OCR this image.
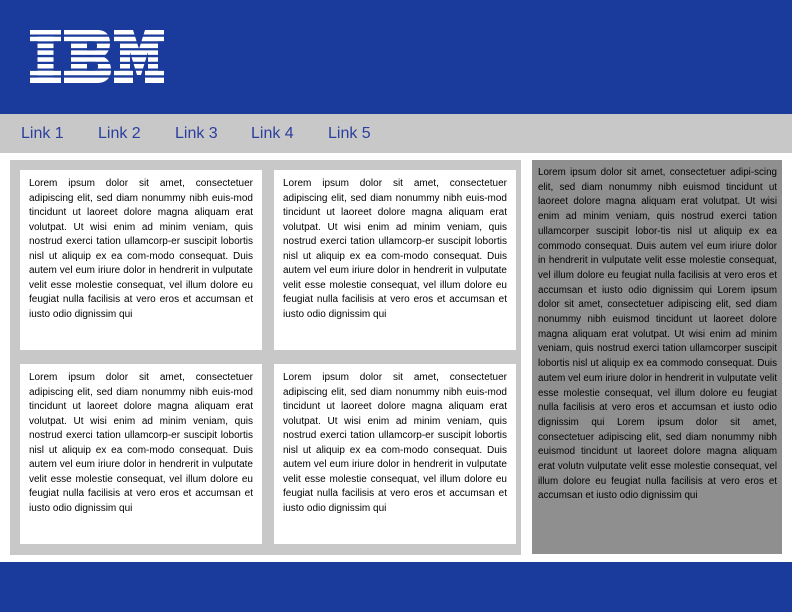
Link 1 Link 2 Link 3 Link 4 Link 5

Lorem ipsum dolor sit amet, consectetuer adipiscing elit, sed diam nonummy nibh euis-mod tincidunt ut laoreet dolore magna aliquam erat volutpat. Ut wisi enim ad minim veniam, quis nostrud exerci tation ullamcorp-er suscipit lobortis nisl ut aliquip ex ea com-modo consequat. Duis autem vel eum iriure dolor in hendrerit in vulputate velit esse molestie consequat, vel illum dolore eu feugiat nulla facilisis at vero eros et accumsan et iusto odio dignissim qui

Lorem ipsum dolor sit amet, consectetuer adipiscing elit, sed diam nonummy nibh euis-mod tincidunt ut laoreet dolore magna aliquam erat volutpat. Ut wisi enim ad minim veniam, quis nostrud exerci tation ullamcorp-er suscipit lobortis nisl ut aliquip ex ea com-modo consequat. Duis autem vel eum iriure dolor in hendrerit in vulputate velit esse molestie consequat, vel illum dolore eu feugiat nulla facilisis at vero eros et accumsan et iusto odio dignissim qui

Lorem ipsum dolor sit amet, consectetuer adipiscing elit, sed diam nonummy nibh euis-mod tincidunt ut laoreet dolore magna aliquam erat volutpat. Ut wisi enim ad minim veniam, quis nostrud exerci tation ullamcorp-er suscipit lobortis nisl ut aliquip ex ea com-modo consequat. Duis autem vel eum iriure dolor in hendrerit in vulputate velit esse molestie consequat, vel illum dolore eu feugiat nulla facilisis at vero eros et accumsan et iusto odio dignissim qui

Lorem ipsum dolor sit amet, consectetuer adipiscing elit, sed diam nonummy nibh euis-mod tincidunt ut laoreet dolore magna aliquam erat volutpat. Ut wisi enim ad minim veniam, quis nostrud exerci tation ullamcorp-er suscipit lobortis nisl ut aliquip ex ea com-modo consequat. Duis autem vel eum iriure dolor in hendrerit in vulputate velit esse molestie consequat, vel illum dolore eu feugiat nulla facilisis at vero eros et accumsan et iusto odio dignissim qui

Lorem ipsum dolor sit amet, consectetuer adipi-scing elit, sed diam nonummy nibh euismod tincidunt ut laoreet dolore magna aliquam erat volutpat. Ut wisi enim ad minim veniam, quis nostrud exerci tation ullamcorper suscipit lobor-tis nisl ut aliquip ex ea commodo consequat. Duis autem vel eum iriure dolor in hendrerit in vulputate velit esse molestie consequat, vel illum dolore eu feugiat nulla facilisis at vero eros et accumsan et iusto odio dignissim qui Lorem ipsum dolor sit amet, consectetuer adipiscing elit, sed diam nonummy nibh euismod tincidunt ut laoreet dolore magna aliquam erat volutpat. Ut wisi enim ad minim veniam, quis nostrud exerci tation ullamcorper suscipit lobortis nisl ut aliquip ex ea commodo consequat. Duis autem vel eum iriure dolor in hendrerit in vulputate velit esse molestie consequat, vel illum dolore eu feugiat nulla facilisis at vero eros et accumsan et iusto odio dignissim qui Lorem ipsum dolor sit amet, consectetuer adipiscing elit, sed diam nonummy nibh euismod tincidunt ut laoreet dolore magna aliquam erat volutn vulputate velit esse molestie consequat, vel illum dolore eu feugiat nulla facilisis at vero eros et accumsan et iusto odio dignissim qui
